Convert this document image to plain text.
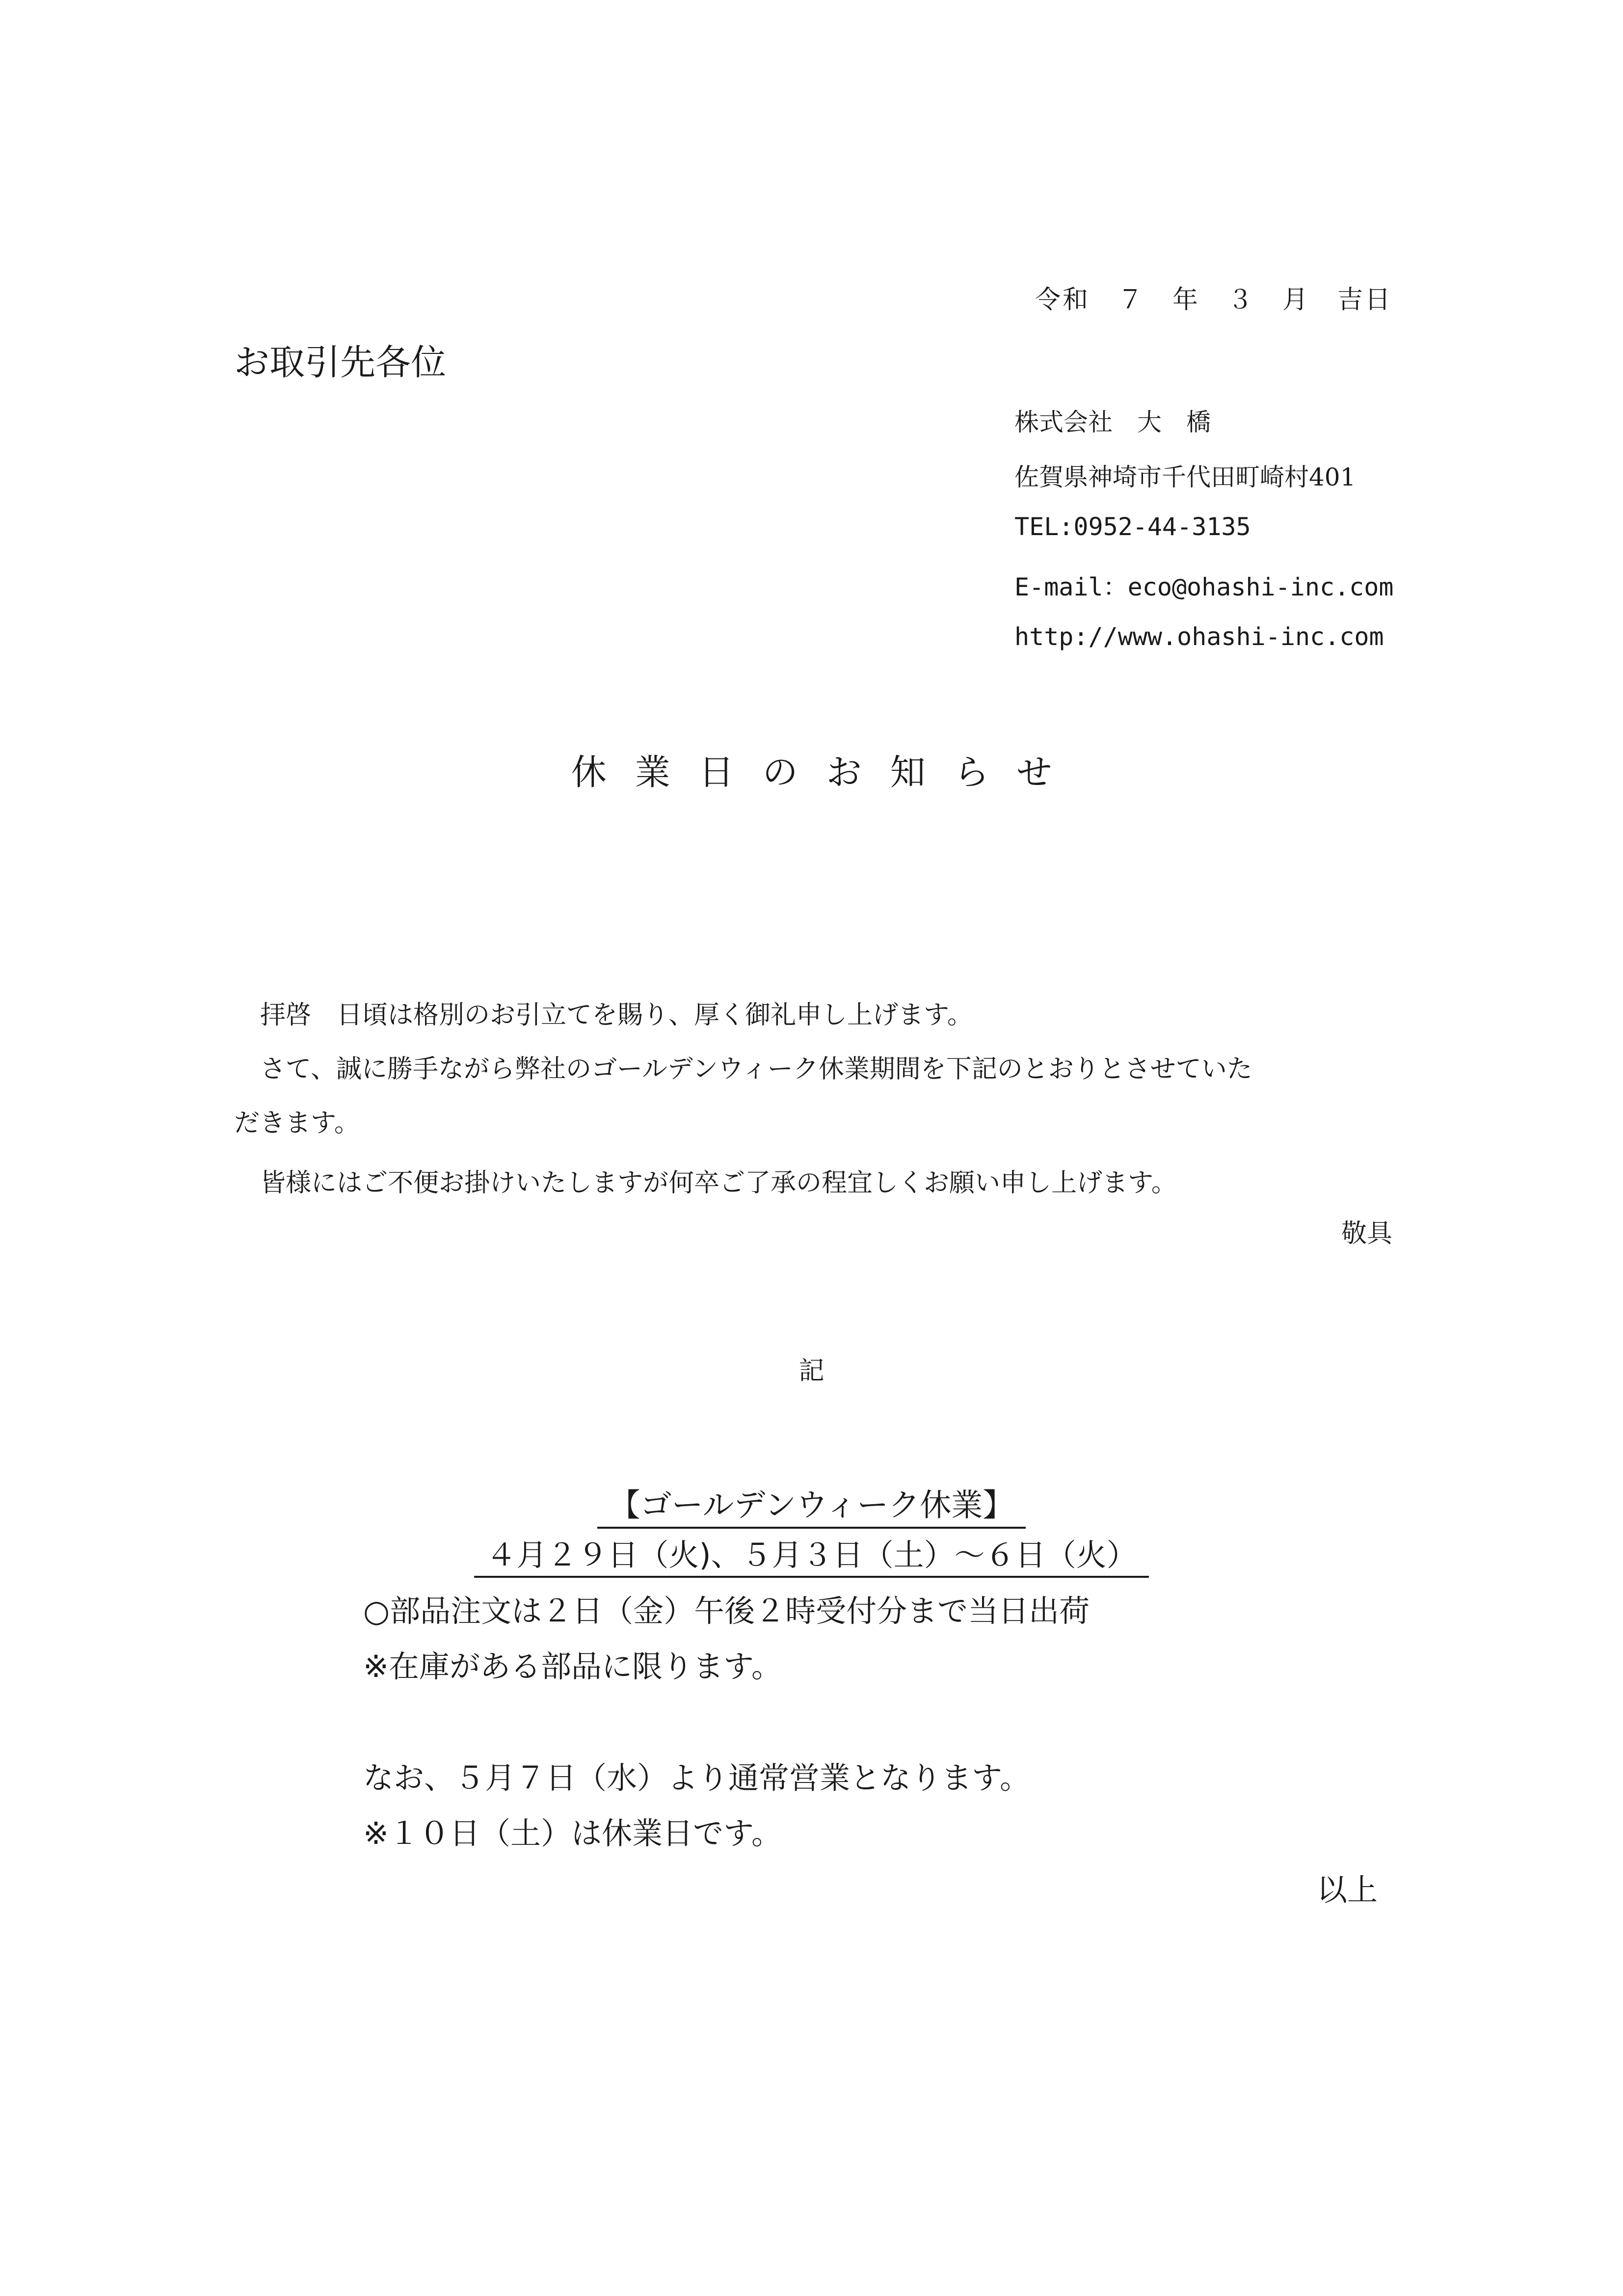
令和　７　年　３　月　吉日
お取引先各位
株式会社　大　橋
佐賀県神埼市千代田町崎村401
TEL:0952-44-3135
E-mail：eco@ohashi-inc.com
http://www.ohashi-inc.com
休業日のお知らせ
拝啓　日頃は格別のお引立てを賜り、厚く御礼申し上げます。
さて、誠に勝手ながら弊社のゴールデンウィーク休業期間を下記のとおりとさせていた
だきます。
皆様にはご不便お掛けいたしますが何卒ご了承の程宜しくお願い申し上げます。
敬具
記
【ゴールデンウィーク休業】
４月２９日（火)、５月３日（土）～６日（火）
○部品注文は２日（金）午後２時受付分まで当日出荷
※在庫がある部品に限ります。
なお、５月７日（水）より通常営業となります。
※１０日（土）は休業日です。
以上
